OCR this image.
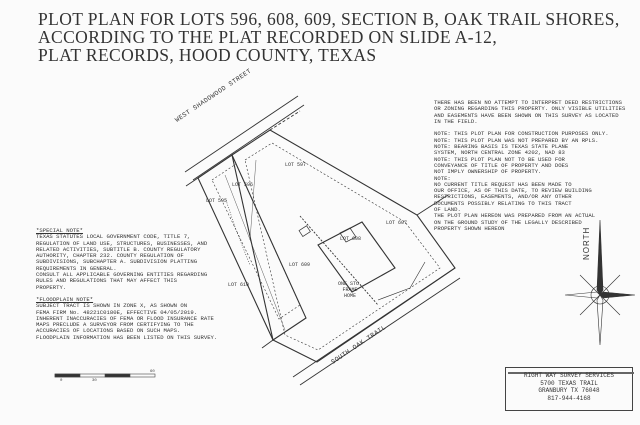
PLOT PLAN FOR LOTS 596, 608, 609, SECTION B, OAK TRAIL SHORES,
ACCORDING TO THE PLAT RECORDED ON SLIDE A-12,
PLAT RECORDS, HOOD COUNTY, TEXAS
WEST SHADOWOOD STREET
SOUTH OAK TRAIL
LOT 597
LOT 596
LOT 595
LOT 608
LOT 607
LOT 609
LOT 610	ONE STO.
FRAME
HOME
THERE HAS BEEN NO ATTEMPT TO INTERPRET DEED RESTRICTIONS
OR ZONING REGARDING THIS PROPERTY. ONLY VISIBLE UTILITIES
AND EASEMENTS HAVE BEEN SHOWN ON THIS SURVEY AS LOCATED
IN THE FIELD.

NOTE: THIS PLOT PLAN FOR CONSTRUCTION PURPOSES ONLY.
NOTE: THIS PLOT PLAN WAS NOT PREPARED BY AN RPLS.
NOTE: BEARING BASIS IS TEXAS STATE PLANE
SYSTEM, NORTH CENTRAL ZONE 4202, NAD 83
NOTE: THIS PLOT PLAN NOT TO BE USED FOR
CONVEYANCE OF TITLE OF PROPERTY AND DOES
NOT IMPLY OWNERSHIP OF PROPERTY.
NOTE:
NO CURRENT TITLE REQUEST HAS BEEN MADE TO
OUR OFFICE, AS OF THIS DATE, TO REVIEW BUILDING
RESTRICTIONS, EASEMENTS, AND/OR ANY OTHER
DOCUMENTS POSSIBLY RELATING TO THIS TRACT
OF LAND.
THE PLOT PLAN HEREON WAS PREPARED FROM AN ACTUAL
ON THE GROUND STUDY OF THE LEGALLY DESCRIBED
PROPERTY SHOWN HEREON
*SPECIAL NOTE*
TEXAS STATUTES LOCAL GOVERNMENT CODE, TITLE 7,
REGULATION OF LAND USE, STRUCTURES, BUSINESSES, AND
RELATED ACTIVITIES, SUBTITLE B. COUNTY REGULATORY
AUTHORITY, CHAPTER 232. COUNTY REGULATION OF
SUBDIVISIONS, SUBCHAPTER A. SUBDIVISION PLATTING
REQUIREMENTS IN GENERAL.
CONSULT ALL APPLICABLE GOVERNING ENTITIES REGARDING
RULES AND REGULATIONS THAT MAY AFFECT THIS
PROPERTY.
*FLOODPLAIN NOTE*
SUBJECT TRACT IS SHOWN IN ZONE X, AS SHOWN ON
FEMA FIRM No. 48221C0180E, EFFECTIVE 04/05/2019.
INHERENT INACCURACIES OF FEMA OR FLOOD INSURANCE RATE
MAPS PRECLUDE A SURVEYOR FROM CERTIFYING TO THE
ACCURACIES OF LOCATIONS BASED ON SUCH MAPS.
FLOODPLAIN INFORMATION HAS BEEN LISTED ON THIS SURVEY.
0	30
60
NORTH
RIGHT WAY SURVEY SERVICES
5700 TEXAS TRAIL
GRANBURY TX 76048
817-944-4168
